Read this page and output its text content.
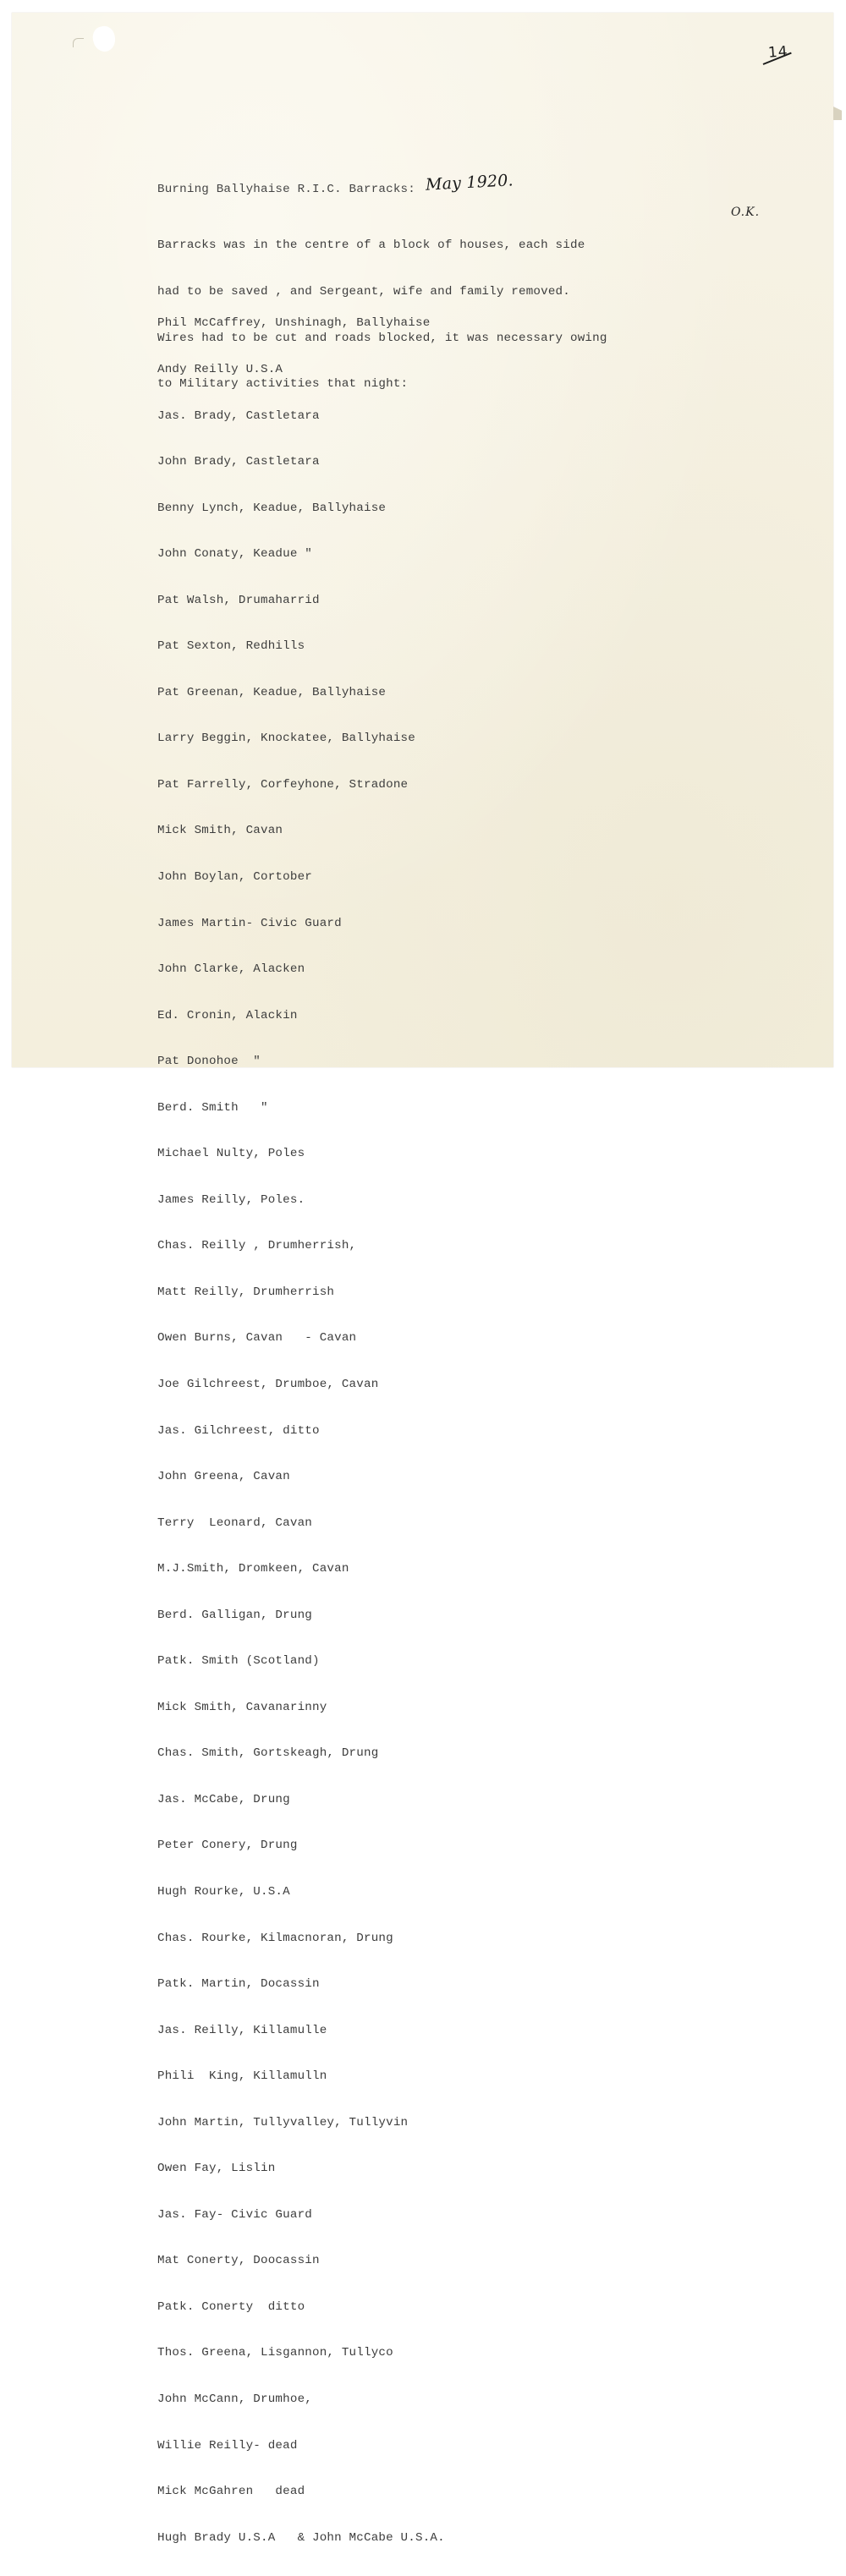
14
O.K.
Burning Ballyhaise R.I.C. Barracks: May 1920.

Barracks was in the centre of a block of houses, each side

had to be saved , and Sergeant, wife and family removed.

Wires had to be cut and roads blocked, it was necessary owing

to Military activities that night:

Phil McCaffrey, Unshinagh, Ballyhaise

Andy Reilly U.S.A

Jas. Brady, Castletara

John Brady, Castletara

Benny Lynch, Keadue, Ballyhaise

John Conaty, Keadue "

Pat Walsh, Drumaharrid

Pat Sexton, Redhills

Pat Greenan, Keadue, Ballyhaise

Larry Beggin, Knockatee, Ballyhaise

Pat Farrelly, Corfeyhone, Stradone

Mick Smith, Cavan

John Boylan, Cortober

James Martin- Civic Guard

John Clarke, Alacken

Ed. Cronin, Alackin

Pat Donohoe  "

Berd. Smith   "

Michael Nulty, Poles

James Reilly, Poles.

Chas. Reilly , Drumherrish,

Matt Reilly, Drumherrish

Owen Burns, Cavan   - Cavan

Joe Gilchreest, Drumboe, Cavan

Jas. Gilchreest, ditto

John Greena, Cavan

Terry  Leonard, Cavan

M.J.Smith, Dromkeen, Cavan

Berd. Galligan, Drung

Patk. Smith (Scotland)

Mick Smith, Cavanarinny

Chas. Smith, Gortskeagh, Drung

Jas. McCabe, Drung

Peter Conery, Drung

Hugh Rourke, U.S.A

Chas. Rourke, Kilmacnoran, Drung

Patk. Martin, Docassin

Jas. Reilly, Killamulle

Phili  King, Killamulln

John Martin, Tullyvalley, Tullyvin

Owen Fay, Lislin

Jas. Fay- Civic Guard

Mat Conerty, Doocassin

Patk. Conerty  ditto

Thos. Greena, Lisgannon, Tullyco

John McCann, Drumhoe,

Willie Reilly- dead

Mick McGahren   dead

Hugh Brady U.S.A   & John McCabe U.S.A.
